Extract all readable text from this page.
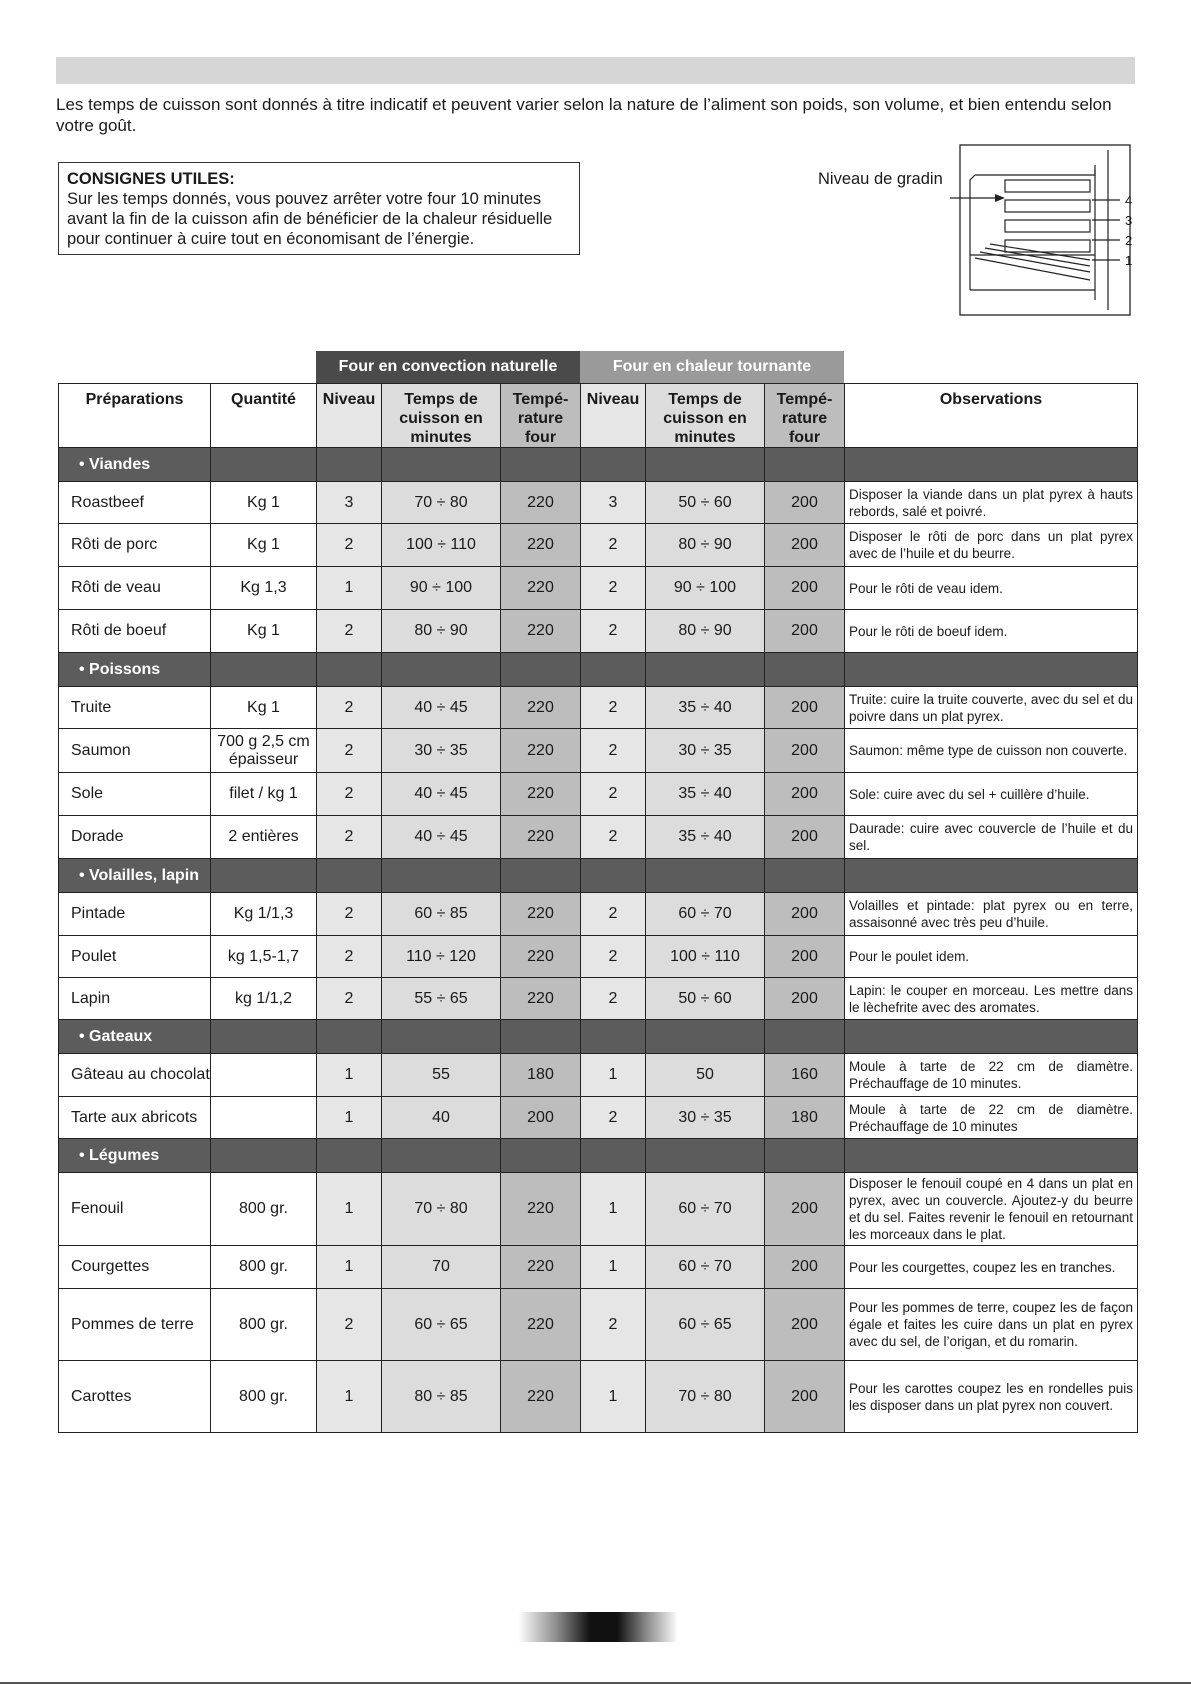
Les temps de cuisson sont donnés à titre indicatif et peuvent varier selon la nature de l’aliment son poids, son volume, et bien entendu selon votre goût.
CONSIGNES UTILES:
Sur les temps donnés, vous pouvez arrêter votre four 10 minutes avant la fin de la cuisson afin de bénéficier de la chaleur résiduelle pour continuer à cuire tout en économisant de l’énergie.
Niveau de gradin
4
3
2
1
Four en convection naturelle	Four en chaleur tournante
Préparations	Quantité	Niveau	Temps de cuisson en minutes	Tempé-rature four	Niveau	Temps de cuisson en minutes	Tempé-rature four	Observations
• Viandes								
Roastbeef	Kg 1	3	70 ÷ 80	220	3	50 ÷ 60	200	Disposer la viande dans un plat pyrex à hauts rebords, salé et poivré.
Rôti de porc	Kg 1	2	100 ÷ 110	220	2	80 ÷ 90	200	Disposer le rôti de porc dans un plat pyrex avec de l’huile et du beurre.
Rôti de veau	Kg 1,3	1	90 ÷ 100	220	2	90 ÷ 100	200	Pour le rôti de veau idem.
Rôti de boeuf	Kg 1	2	80 ÷ 90	220	2	80 ÷ 90	200	Pour le rôti de boeuf idem.
• Poissons								
Truite	Kg 1	2	40 ÷ 45	220	2	35 ÷ 40	200	Truite: cuire la truite couverte, avec du sel et du poivre dans un plat pyrex.
Saumon	700 g 2,5 cm épaisseur	2	30 ÷ 35	220	2	30 ÷ 35	200	Saumon: même type de cuisson non couverte.
Sole	filet / kg 1	2	40 ÷ 45	220	2	35 ÷ 40	200	Sole: cuire avec du sel + cuillère d’huile.
Dorade	2 entières	2	40 ÷ 45	220	2	35 ÷ 40	200	Daurade: cuire avec couvercle de l’huile et du sel.
• Volailles, lapin								
Pintade	Kg 1/1,3	2	60 ÷ 85	220	2	60 ÷ 70	200	Volailles et pintade: plat pyrex ou en terre, assaisonné avec très peu d’huile.
Poulet	kg 1,5-1,7	2	110 ÷ 120	220	2	100 ÷ 110	200	Pour le poulet idem.
Lapin	kg 1/1,2	2	55 ÷ 65	220	2	50 ÷ 60	200	Lapin: le couper en morceau. Les mettre dans le lèchefrite avec des aromates.
• Gateaux								
Gâteau au chocolat		1	55	180	1	50	160	Moule à tarte de 22 cm de diamètre. Préchauffage de 10 minutes.
Tarte aux abricots		1	40	200	2	30 ÷ 35	180	Moule à tarte de 22 cm de diamètre. Préchauffage de 10 minutes
• Légumes								
Fenouil	800 gr.	1	70 ÷ 80	220	1	60 ÷ 70	200	Disposer le fenouil coupé en 4 dans un plat en pyrex, avec un couvercle. Ajoutez-y du beurre et du sel. Faites revenir le fenouil en retournant les morceaux dans le plat.
Courgettes	800 gr.	1	70	220	1	60 ÷ 70	200	Pour les courgettes, coupez les en tranches.
Pommes de terre	800 gr.	2	60 ÷ 65	220	2	60 ÷ 65	200	Pour les pommes de terre, coupez les de façon égale et faites les cuire dans un plat en pyrex avec du sel, de l’origan, et du romarin.
Carottes	800 gr.	1	80 ÷ 85	220	1	70 ÷ 80	200	Pour les carottes coupez les en rondelles puis les disposer dans un plat pyrex non couvert.
